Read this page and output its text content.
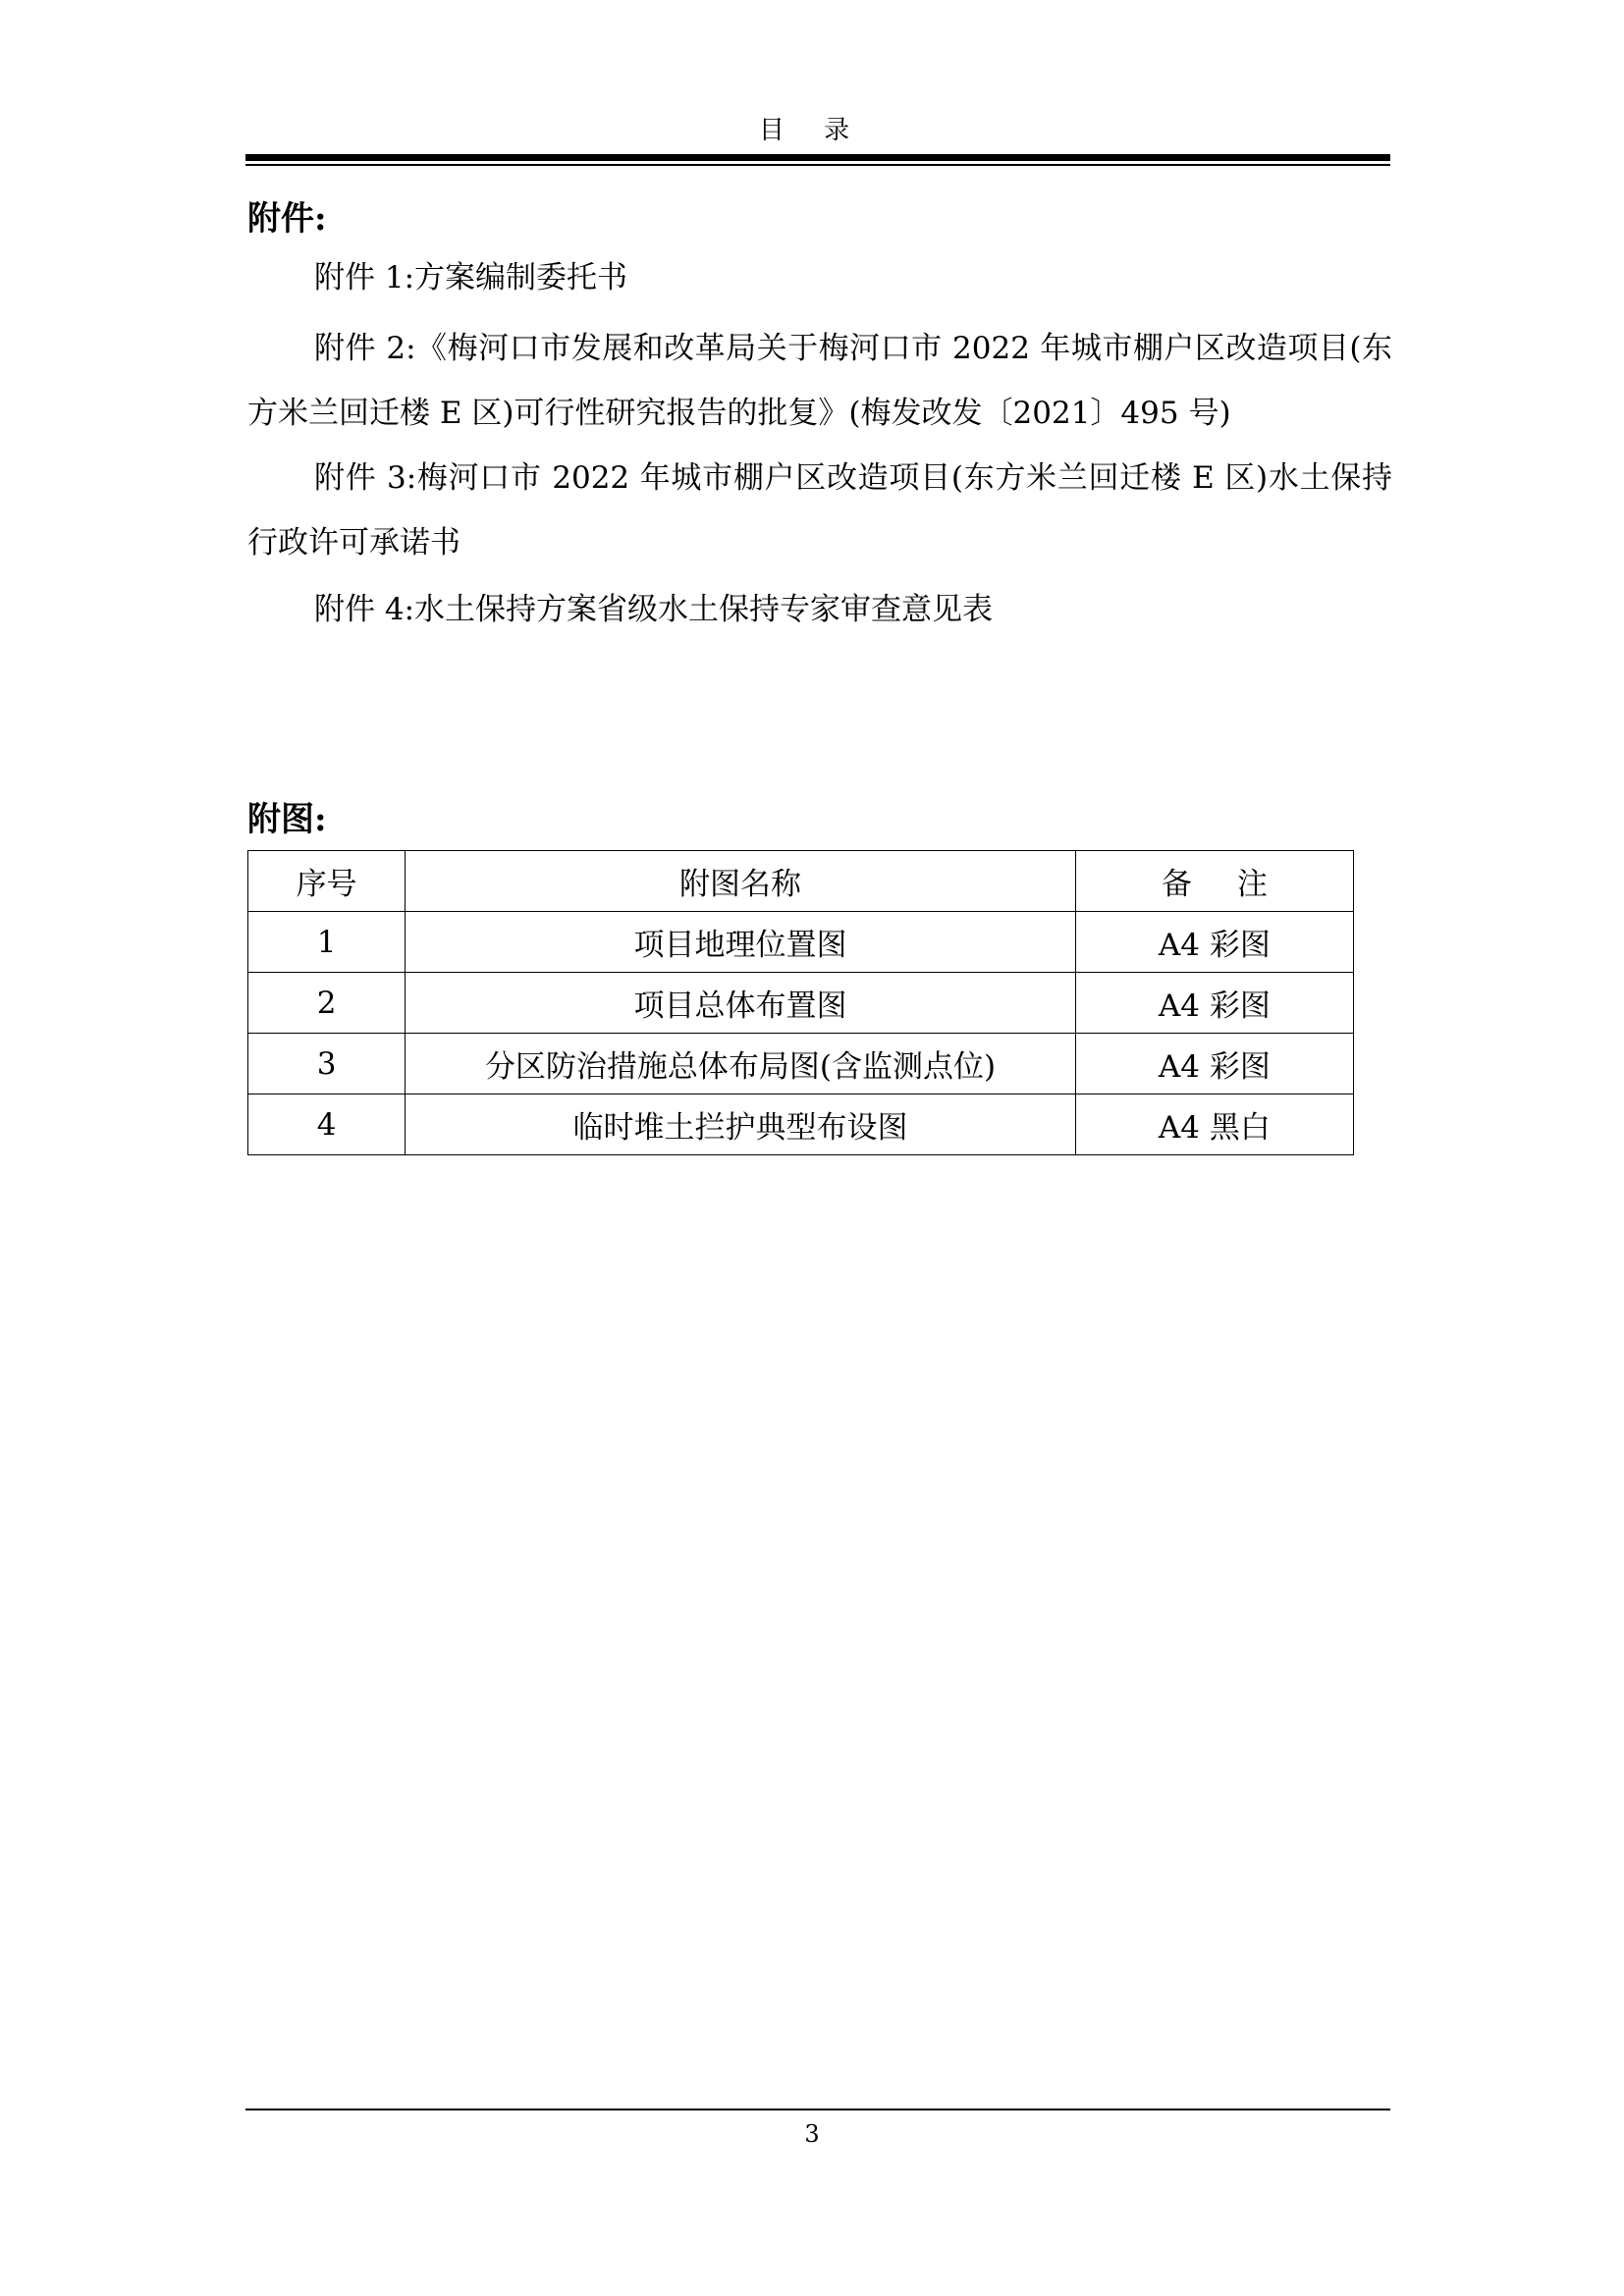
目 录
附件:

附件 1:方案编制委托书

附件 2:《梅河口市发展和改革局关于梅河口市 2022 年城市棚户区改造项目(东方米兰回迁楼 E 区)可行性研究报告的批复》(梅发改发〔2021〕495 号)

附件 3:梅河口市 2022 年城市棚户区改造项目(东方米兰回迁楼 E 区)水土保持行政许可承诺书

附件 4:水土保持方案省级水土保持专家审查意见表

附图:
序号	附图名称	备 注
1	项目地理位置图	A4 彩图
2	项目总体布置图	A4 彩图
3	分区防治措施总体布局图(含监测点位)	A4 彩图
4	临时堆土拦护典型布设图	A4 黑白
3
